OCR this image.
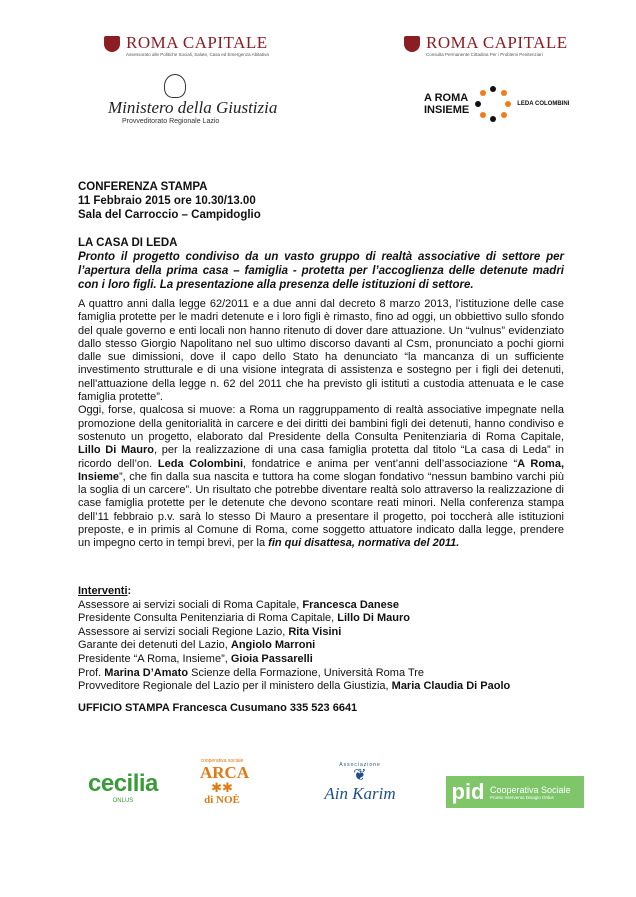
ROMA CAPITALE
Assessorato alle Politiche Sociali, Salute, Casa ed Emergenza Abitativa
ROMA CAPITALE
Consulta Permanente Cittadina Per i Problemi Penitenziari
Ministero della Giustizia
Provveditorato Regionale Lazio
A ROMA
INSIEME	LEDA COLOMBINI
CONFERENZA STAMPA
11 Febbraio 2015 ore 10.30/13.00
Sala del Carroccio – Campidoglio
LA CASA DI LEDA
Pronto il progetto condiviso da un vasto gruppo di realtà associative di settore per l’apertura della prima casa – famiglia - protetta per l’accoglienza delle detenute madri con i loro figli. La presentazione alla presenza delle istituzioni di settore.

A quattro anni dalla legge 62/2011 e a due anni dal decreto 8 marzo 2013, l’istituzione delle case famiglia protette per le madri detenute e i loro figli è rimasto, fino ad oggi, un obbiettivo sullo sfondo del quale governo e enti locali non hanno ritenuto di dover dare attuazione. Un “vulnus” evidenziato dallo stesso Giorgio Napolitano nel suo ultimo discorso davanti al Csm, pronunciato a pochi giorni dalle sue dimissioni, dove il capo dello Stato ha denunciato “la mancanza di un sufficiente investimento strutturale e di una visione integrata di assistenza e sostegno per i figli dei detenuti, nell'attuazione della legge n. 62 del 2011 che ha previsto gli istituti a custodia attenuata e le case famiglia protette”.

Oggi, forse, qualcosa si muove: a Roma un raggruppamento di realtà associative impegnate nella promozione della genitorialità in carcere e dei diritti dei bambini figli dei detenuti, hanno condiviso e sostenuto un progetto, elaborato dal Presidente della Consulta Penitenziaria di Roma Capitale, Lillo Di Mauro, per la realizzazione di una casa famiglia protetta dal titolo “La casa di Leda” in ricordo dell’on. Leda Colombini, fondatrice e anima per vent’anni dell’associazione “A Roma, Insieme”, che fin dalla sua nascita e tuttora ha come slogan fondativo “nessun bambino varchi più la soglia di un carcere”. Un risultato che potrebbe diventare realtà solo attraverso la realizzazione di case famiglia protette per le detenute che devono scontare reati minori. Nella conferenza stampa dell’11 febbraio p.v. sarà lo stesso Di Mauro a presentare il progetto, poi toccherà alle istituzioni preposte, e in primis al Comune di Roma, come soggetto attuatore indicato dalla legge, prendere un impegno certo in tempi brevi, per la fin qui disattesa, normativa del 2011.

Interventi:
Assessore ai servizi sociali di Roma Capitale, Francesca Danese
Presidente Consulta Penitenziaria di Roma Capitale, Lillo Di Mauro
Assessore ai servizi sociali Regione Lazio, Rita Visini
Garante dei detenuti del Lazio, Angiolo Marroni
Presidente “A Roma, Insieme”, Gioia Passarelli
Prof. Marina D’Amato Scienze della Formazione, Università Roma Tre
Provveditore Regionale del Lazio per il ministero della Giustizia, Maria Claudia Di Paolo
UFFICIO STAMPA Francesca Cusumano 335 523 6641
cecilia
ONLUS
cooperativa sociale
ARCA
✱✱
di NOÈ
Associazione
❦
Ain Karim	pid Cooperativa Sociale
Pronto Intervento Disagio Onlus
